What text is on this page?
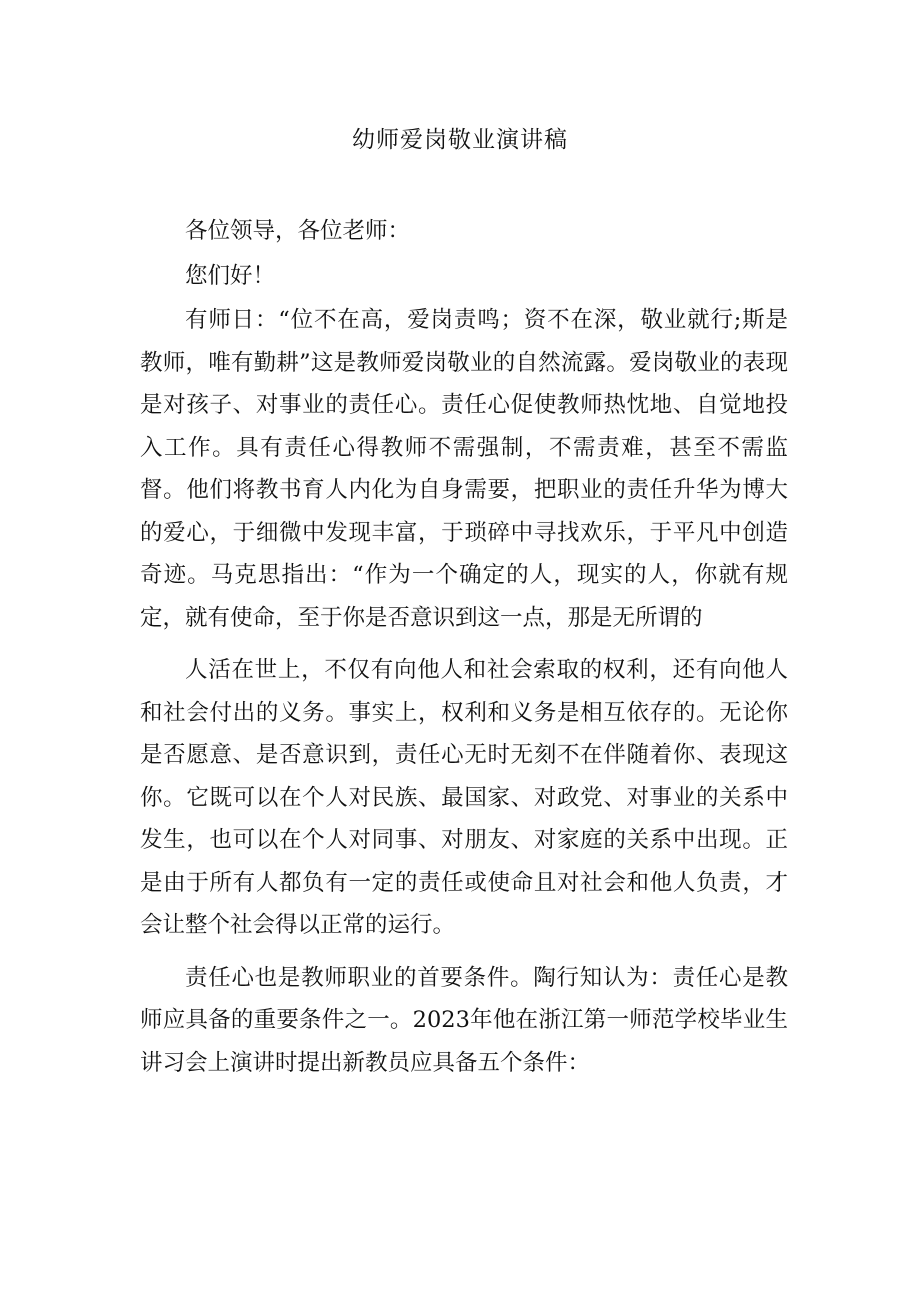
幼师爱岗敬业演讲稿

各位领导，各位老师：

您们好！

有师日：“位不在高，爱岗责鸣；资不在深，敬业就行;斯是教师，唯有勤耕”这是教师爱岗敬业的自然流露。爱岗敬业的表现是对孩子、对事业的责任心。责任心促使教师热忱地、自觉地投入工作。具有责任心得教师不需强制，不需责难，甚至不需监督。他们将教书育人内化为自身需要，把职业的责任升华为博大的爱心，于细微中发现丰富，于琐碎中寻找欢乐，于平凡中创造奇迹。马克思指出：“作为一个确定的人，现实的人，你就有规定，就有使命，至于你是否意识到这一点，那是无所谓的

人活在世上，不仅有向他人和社会索取的权利，还有向他人和社会付出的义务。事实上，权利和义务是相互依存的。无论你是否愿意、是否意识到，责任心无时无刻不在伴随着你、表现这你。它既可以在个人对民族、最国家、对政党、对事业的关系中发生，也可以在个人对同事、对朋友、对家庭的关系中出现。正是由于所有人都负有一定的责任或使命且对社会和他人负责，才会让整个社会得以正常的运行。

责任心也是教师职业的首要条件。陶行知认为：责任心是教师应具备的重要条件之一。2023年他在浙江第一师范学校毕业生讲习会上演讲时提出新教员应具备五个条件：
